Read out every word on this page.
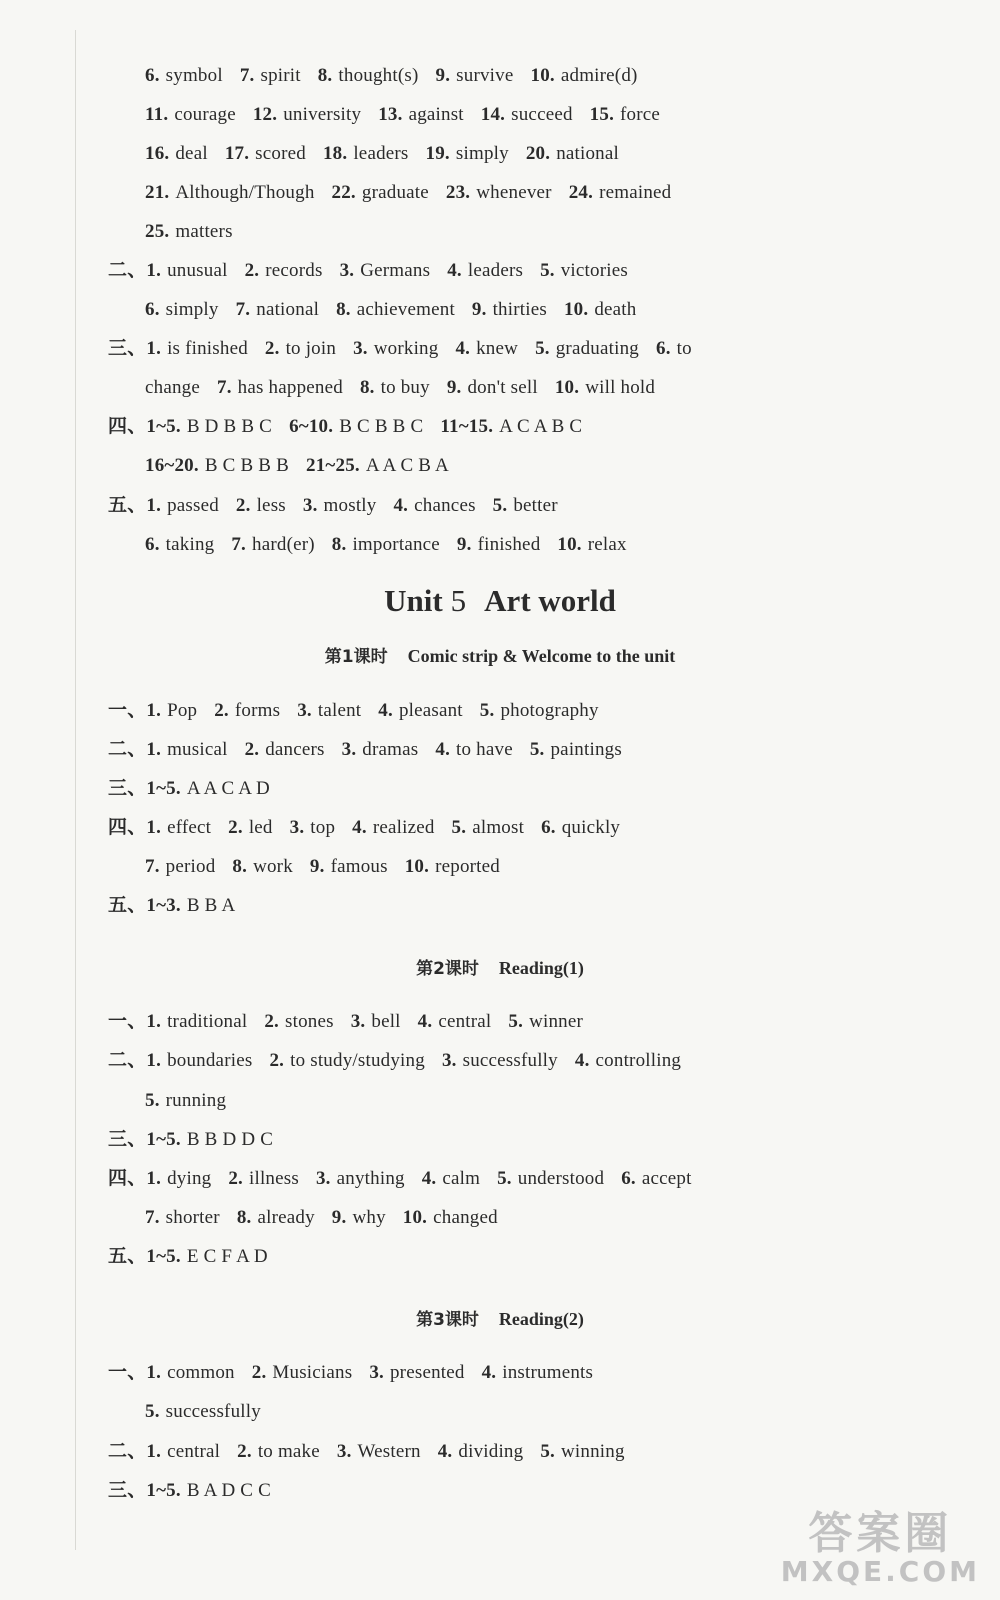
6. symbol 7. spirit 8. thought(s) 9. survive 10. admire(d)
11. courage 12. university 13. against 14. succeed 15. force
16. deal 17. scored 18. leaders 19. simply 20. national
21. Although/Though 22. graduate 23. whenever 24. remained
25. matters
二、1. unusual 2. records 3. Germans 4. leaders 5. victories
6. simply 7. national 8. achievement 9. thirties 10. death
三、1. is finished 2. to join 3. working 4. knew 5. graduating 6. to
change 7. has happened 8. to buy 9. don't sell 10. will hold
四、1~5. B D B B C 6~10. B C B B C 11~15. A C A B C
16~20. B C B B B 21~25. A A C B A
五、1. passed 2. less 3. mostly 4. chances 5. better
6. taking 7. hard(er) 8. importance 9. finished 10. relax
一、1. Pop 2. forms 3. talent 4. pleasant 5. photography
二、1. musical 2. dancers 3. dramas 4. to have 5. paintings
三、1~5. A A C A D
四、1. effect 2. led 3. top 4. realized 5. almost 6. quickly
7. period 8. work 9. famous 10. reported
五、1~3. B B A
一、1. traditional 2. stones 3. bell 4. central 5. winner
二、1. boundaries 2. to study/studying 3. successfully 4. controlling
5. running
三、1~5. B B D D C
四、1. dying 2. illness 3. anything 4. calm 5. understood 6. accept
7. shorter 8. already 9. why 10. changed
五、1~5. E C F A D
一、1. common 2. Musicians 3. presented 4. instruments
5. successfully
二、1. central 2. to make 3. Western 4. dividing 5. winning
三、1~5. B A D C C
Unit 5 Art world
第1课时 Comic strip & Welcome to the unit
第2课时 Reading(1)
第3课时 Reading(2)
答案圈
MXQE.COM
